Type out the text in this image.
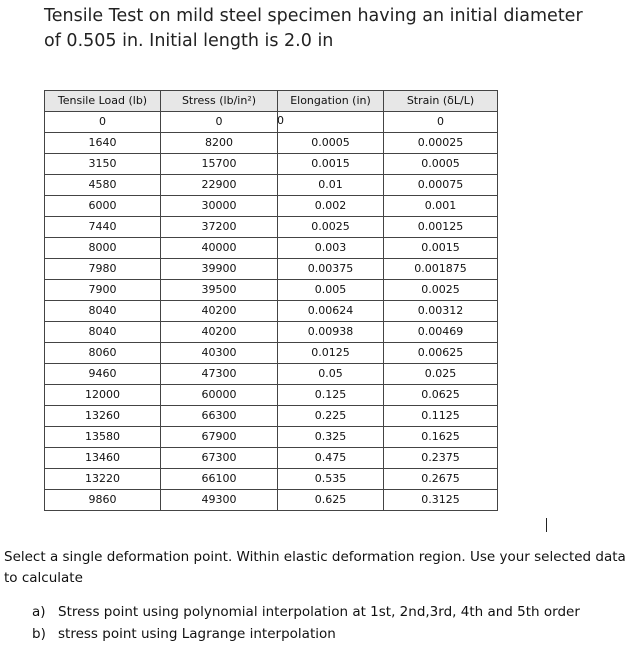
Tensile Test on mild steel specimen having an initial diameter of 0.505 in. Initial length is 2.0 in
Tensile Load (lb)	Stress (lb/in²)	Elongation (in)	Strain (δL/L)
0	0		0
1640	8200	0.0005	0.00025
3150	15700	0.0015	0.0005
4580	22900	0.01	0.00075
6000	30000	0.002	0.001
7440	37200	0.0025	0.00125
8000	40000	0.003	0.0015
7980	39900	0.00375	0.001875
7900	39500	0.005	0.0025
8040	40200	0.00624	0.00312
8040	40200	0.00938	0.00469
8060	40300	0.0125	0.00625
9460	47300	0.05	0.025
12000	60000	0.125	0.0625
13260	66300	0.225	0.1125
13580	67900	0.325	0.1625
13460	67300	0.475	0.2375
13220	66100	0.535	0.2675
9860	49300	0.625	0.3125
0
Select a single deformation point. Within elastic deformation region. Use your selected data to calculate
a) Stress point using polynomial interpolation at 1st, 2nd,3rd, 4th and 5th order
b) stress point using Lagrange interpolation
